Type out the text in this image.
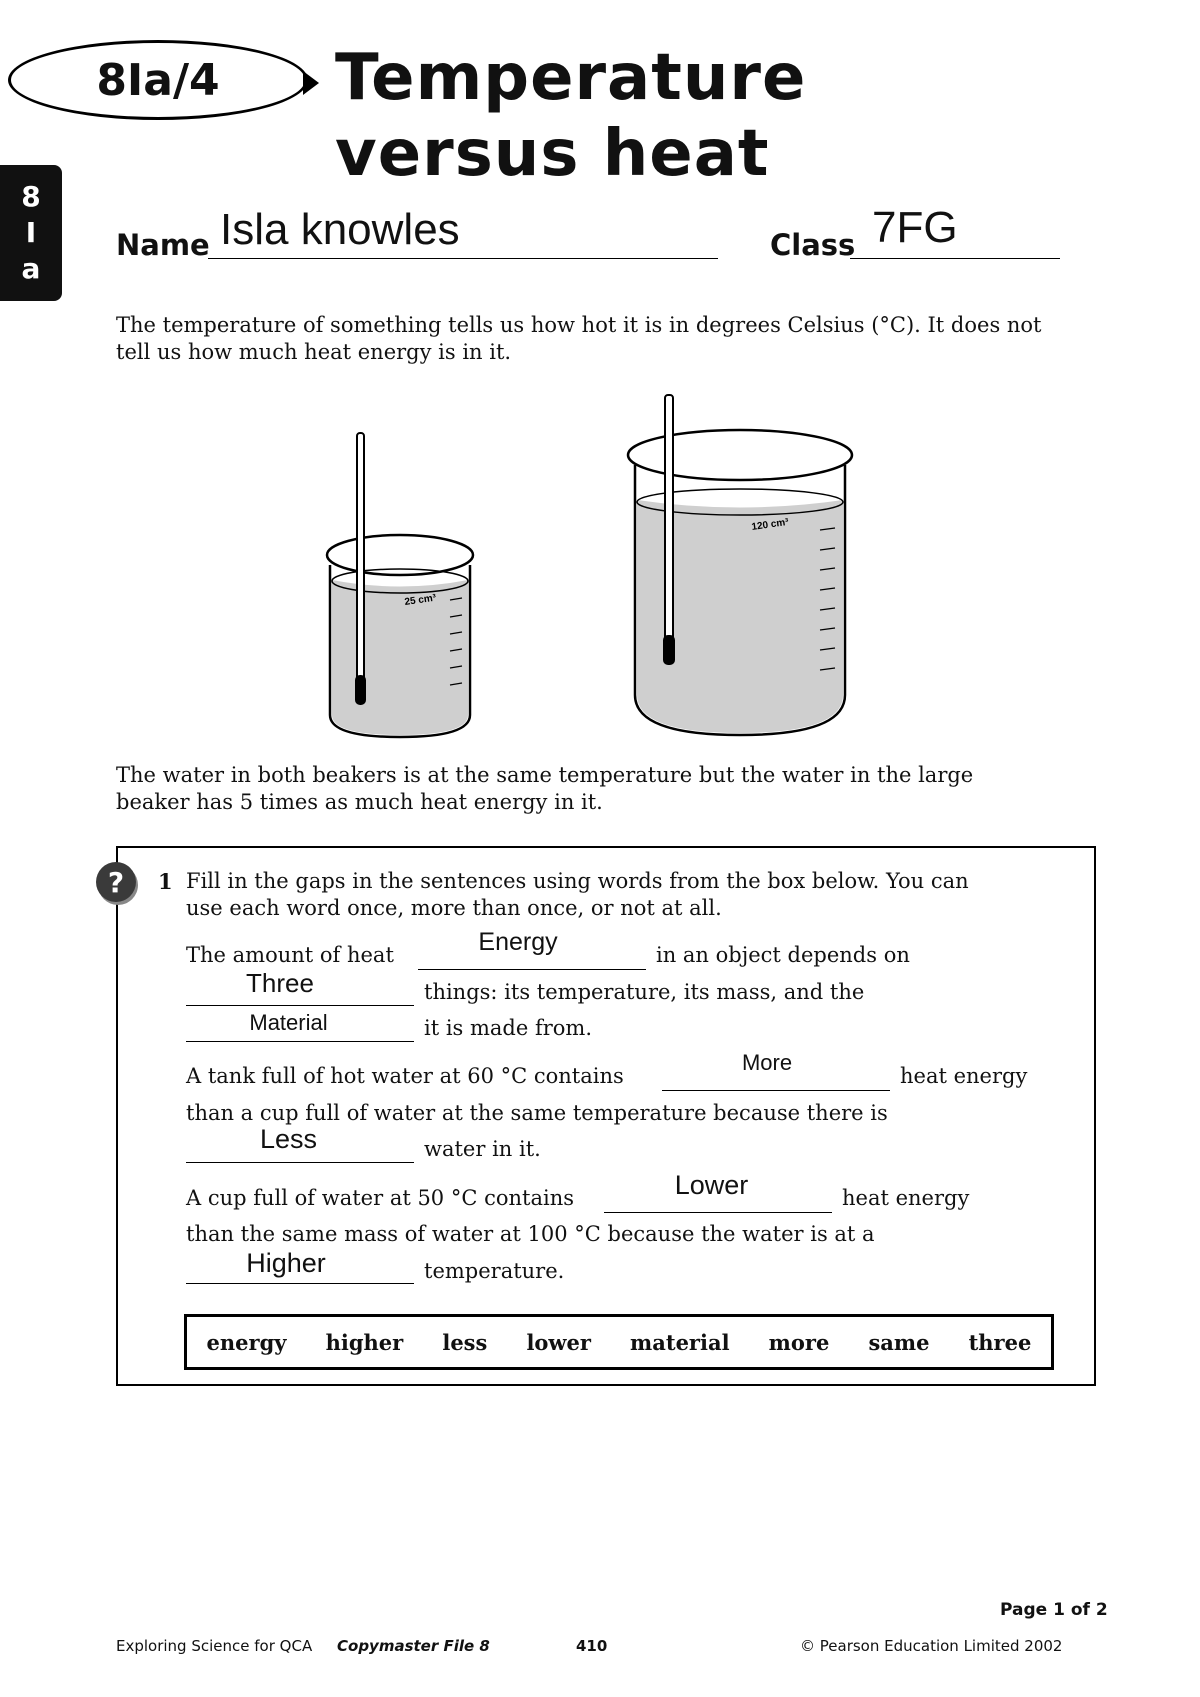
8Ia/4	Temperature
versus heat
8
I
a
Name Isla knowles	Class 7FG
The temperature of something tells us how hot it is in degrees Celsius (°C). It does not
tell us how much heat energy is in it.
25 cm³
120 cm³
The water in both beakers is at the same temperature but the water in the large
beaker has 5 times as much heat energy in it.
?	1 Fill in the gaps in the sentences using words from the box below. You can
use each word once, more than once, or not at all.
The amount of heat	Energy	in an object depends on
Three	things: its temperature, its mass, and the
Material	it is made from.
A tank full of hot water at 60 °C contains
More
heat energy
than a cup full of water at the same temperature because there is
Less	water in it.
A cup full of water at 50 °C contains	Lower	heat energy
than the same mass of water at 100 °C because the water is at a
Higher	temperature.
energy higher less lower material more same three
Page 1 of 2
Exploring Science for QCA Copymaster File 8	410	© Pearson Education Limited 2002
